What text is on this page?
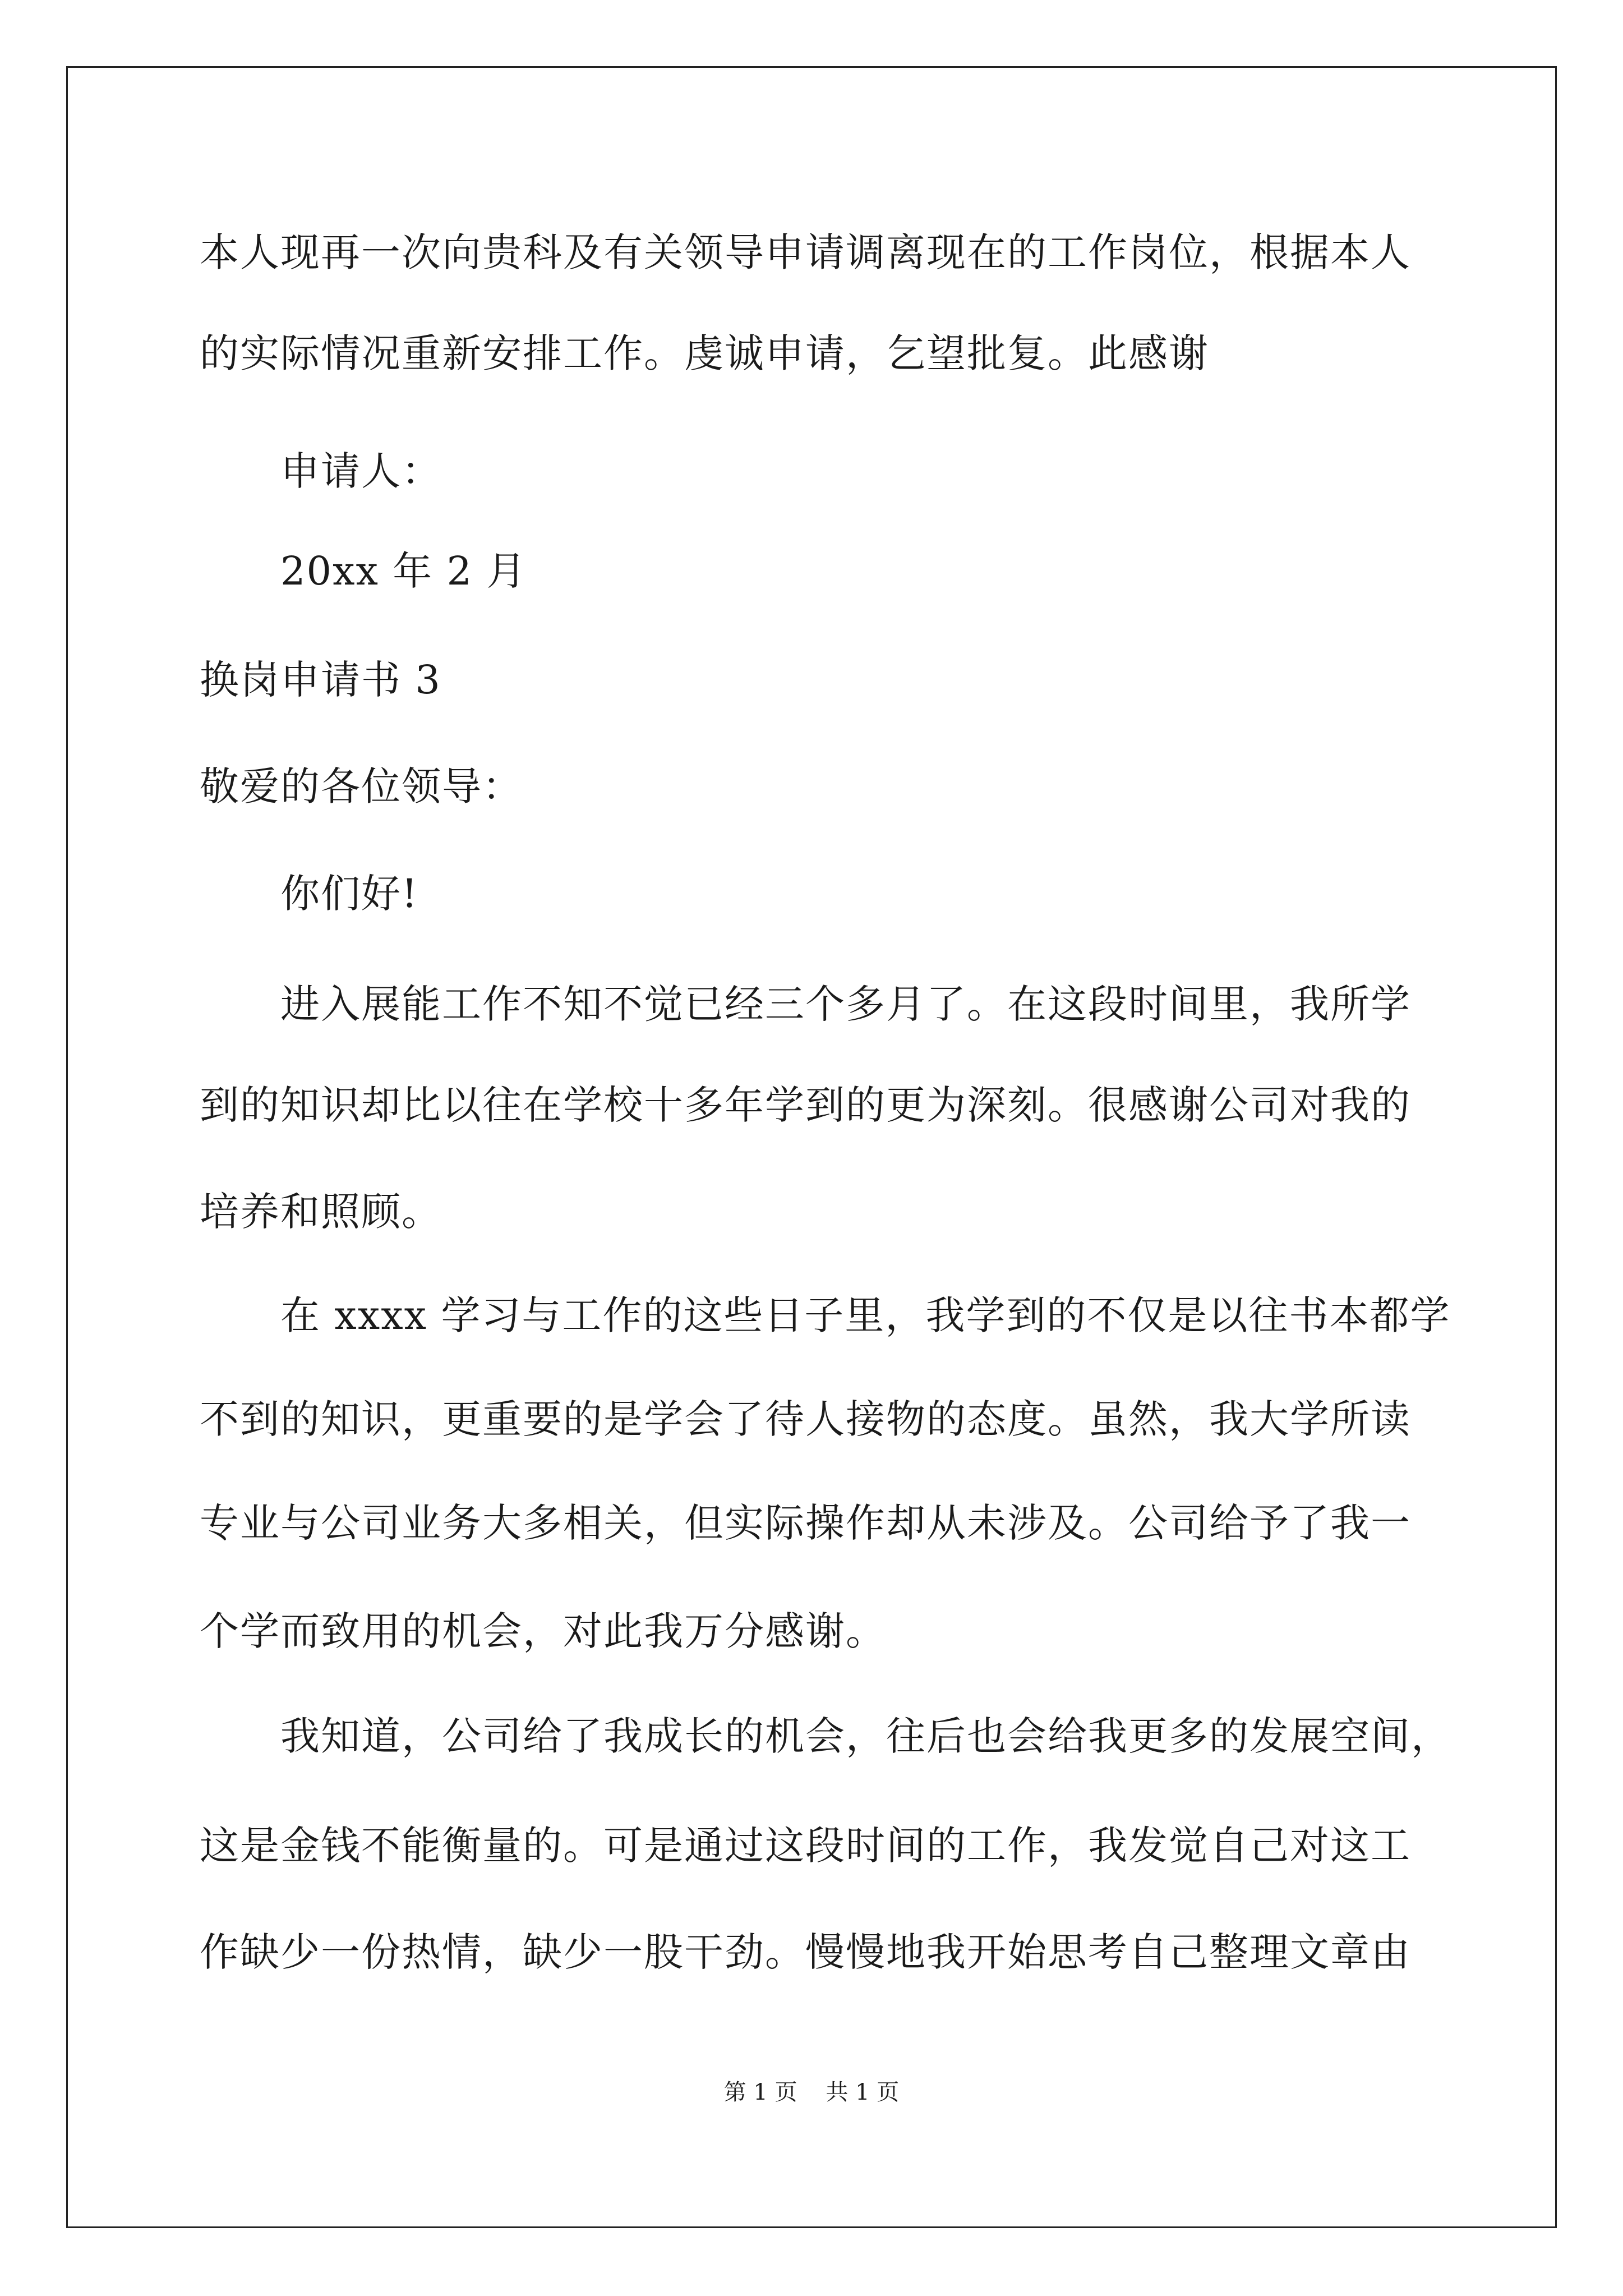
本人现再一次向贵科及有关领导申请调离现在的工作岗位，根据本人
的实际情况重新安排工作。虔诚申请，乞望批复。此感谢
申请人：
20xx 年 2 月
换岗申请书 3
敬爱的各位领导：
你们好!
进入展能工作不知不觉已经三个多月了。在这段时间里，我所学
到的知识却比以往在学校十多年学到的更为深刻。很感谢公司对我的
培养和照顾。
在 xxxx 学习与工作的这些日子里，我学到的不仅是以往书本都学
不到的知识，更重要的是学会了待人接物的态度。虽然，我大学所读
专业与公司业务大多相关，但实际操作却从未涉及。公司给予了我一
个学而致用的机会，对此我万分感谢。
我知道，公司给了我成长的机会，往后也会给我更多的发展空间，
这是金钱不能衡量的。可是通过这段时间的工作，我发觉自己对这工
作缺少一份热情，缺少一股干劲。慢慢地我开始思考自己整理文章由
第 1 页    共 1 页
